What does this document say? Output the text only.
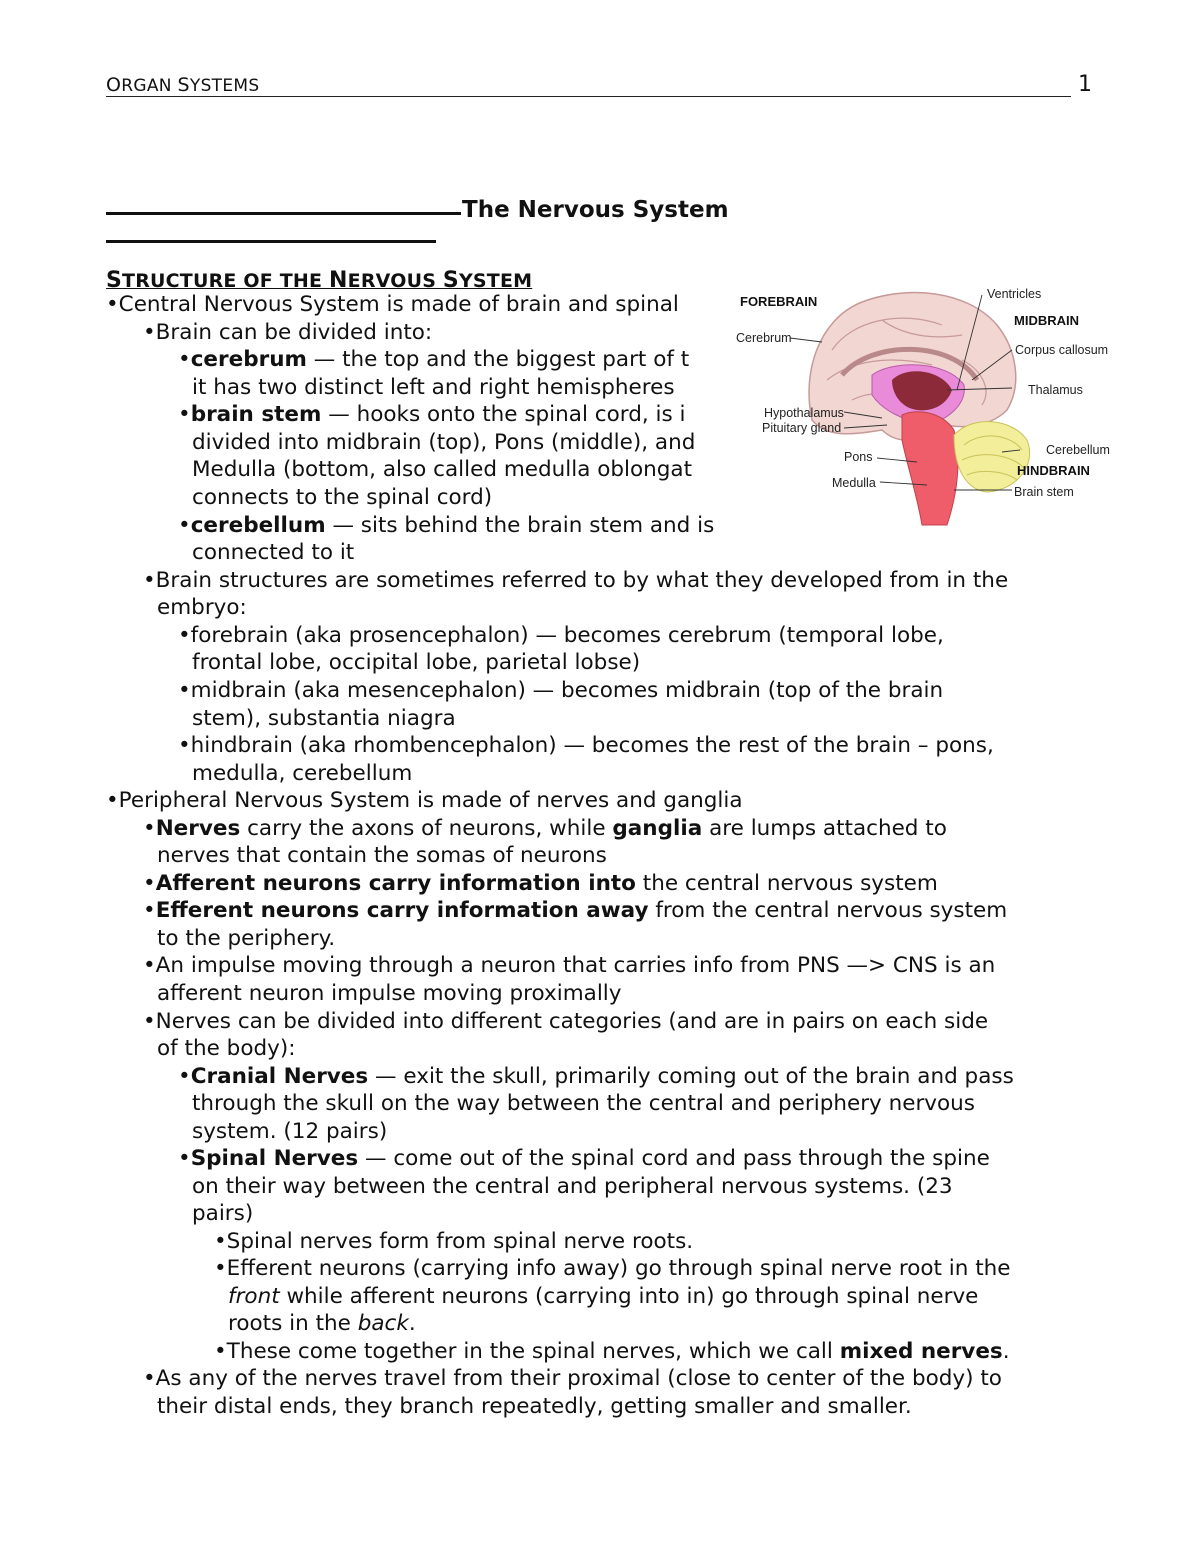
ORGAN SYSTEMS	1
The Nervous System
STRUCTURE OF THE NERVOUS SYSTEM
•Central Nervous System is made of brain and spinal
•Brain can be divided into:
•cerebrum — the top and the biggest part of t
it has two distinct left and right hemispheres
•brain stem — hooks onto the spinal cord, is i
divided into midbrain (top), Pons (middle), and
Medulla (bottom, also called medulla oblongat
connects to the spinal cord)
•cerebellum — sits behind the brain stem and is
connected to it
•Brain structures are sometimes referred to by what they developed from in the
embryo:
•forebrain (aka prosencephalon) — becomes cerebrum (temporal lobe,
frontal lobe, occipital lobe, parietal lobse)
•midbrain (aka mesencephalon) — becomes midbrain (top of the brain
stem), substantia niagra
•hindbrain (aka rhombencephalon) — becomes the rest of the brain – pons,
medulla, cerebellum
•Peripheral Nervous System is made of nerves and ganglia
•Nerves carry the axons of neurons, while ganglia are lumps attached to
nerves that contain the somas of neurons
•Afferent neurons carry information into the central nervous system
•Efferent neurons carry information away from the central nervous system
to the periphery.
•An impulse moving through a neuron that carries info from PNS —> CNS is an
afferent neuron impulse moving proximally
•Nerves can be divided into different categories (and are in pairs on each side
of the body):
•Cranial Nerves — exit the skull, primarily coming out of the brain and pass
through the skull on the way between the central and periphery nervous
system. (12 pairs)
•Spinal Nerves — come out of the spinal cord and pass through the spine
on their way between the central and peripheral nervous systems. (23
pairs)
•Spinal nerves form from spinal nerve roots.
•Efferent neurons (carrying info away) go through spinal nerve root in the
front while afferent neurons (carrying into in) go through spinal nerve
roots in the back.
•These come together in the spinal nerves, which we call mixed nerves.
•As any of the nerves travel from their proximal (close to center of the body) to
their distal ends, they branch repeatedly, getting smaller and smaller.
FOREBRAIN	Ventricles
MIDBRAIN
Cerebrum
Corpus callosum
Thalamus
Hypothalamus
Pituitary gland
Cerebellum
Pons
HINDBRAIN
Medulla
Brain stem
